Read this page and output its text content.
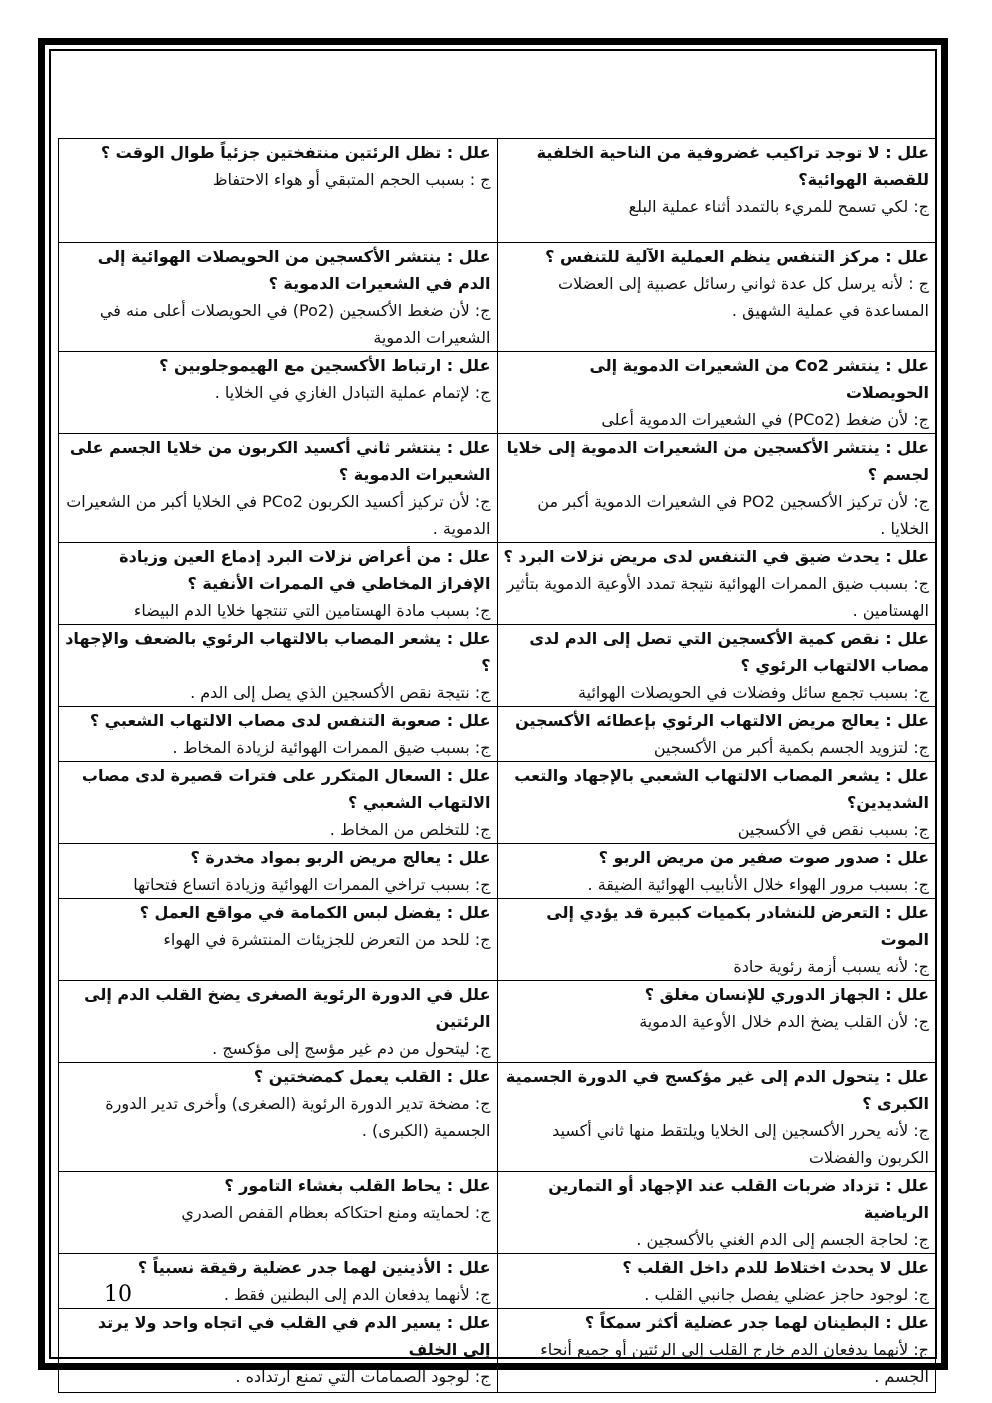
علل : لا توجد تراكيب غضروفية من الناحية الخلفية للقصبة الهوائية؟
ج: لكي تسمح للمريء بالتمدد أثناء عملية البلع	علل : تظل الرئتين منتفختين جزئياً طوال الوقت ؟
ج : بسبب الحجم المتبقي أو هواء الاحتفاظ

علل : مركز التنفس ينظم العملية الآلية للتنفس ؟
ج : لأنه يرسل كل عدة ثواني رسائل عصبية إلى العضلات المساعدة في عملية الشهيق .	علل : ينتشر الأكسجين من الحويصلات الهوائية إلى الدم في الشعيرات الدموية ؟
ج: لأن ضغط الأكسجين (Po2) في الحويصلات أعلى منه في الشعيرات الدموية

علل : ينتشر Co2 من الشعيرات الدموية إلى الحويصلات
ج: لأن ضغط (PCo2) في الشعيرات الدموية أعلى	علل : ارتباط الأكسجين مع الهيموجلوبين ؟
ج: لإتمام عملية التبادل الغازي في الخلايا .

علل : ينتشر الأكسجين من الشعيرات الدموية إلى خلايا لجسم ؟
ج: لأن تركيز الأكسجين PO2 في الشعيرات الدموية أكبر من الخلايا .	علل : ينتشر ثاني أكسيد الكربون من خلايا الجسم على الشعيرات الدموية ؟
ج: لأن تركيز أكسيد الكربون PCo2 في الخلايا أكبر من الشعيرات الدموية .

علل : يحدث ضيق في التنفس لدى مريض نزلات البرد ؟
ج: بسبب ضيق الممرات الهوائية نتيجة تمدد الأوعية الدموية بتأثير الهستامين .	علل : من أعراض نزلات البرد إدماع العين وزيادة الإفراز المخاطي في الممرات الأنفية ؟
ج: بسبب مادة الهستامين التي تنتجها خلايا الدم البيضاء

علل : نقص كمية الأكسجين التي تصل إلى الدم لدى مصاب الالتهاب الرئوي ؟
ج: بسبب تجمع سائل وفضلات في الحويصلات الهوائية	علل : يشعر المصاب بالالتهاب الرئوي بالضعف والإجهاد ؟
ج: نتيجة نقص الأكسجين الذي يصل إلى الدم .

علل : يعالج مريض الالتهاب الرئوي بإعطائه الأكسجين
ج: لتزويد الجسم بكمية أكبر من الأكسجين	علل : صعوبة التنفس لدى مصاب الالتهاب الشعبي ؟
ج: بسبب ضيق الممرات الهوائية لزيادة المخاط .

علل : يشعر المصاب الالتهاب الشعبي بالإجهاد والتعب الشديدين؟
ج: بسبب نقص في الأكسجين	علل : السعال المتكرر على فترات قصيرة لدى مصاب الالتهاب الشعبي ؟
ج: للتخلص من المخاط .

علل : صدور صوت صفير من مريض الربو ؟
ج: بسبب مرور الهواء خلال الأنابيب الهوائية الضيقة .	علل : يعالج مريض الربو بمواد مخدرة ؟
ج: بسبب تراخي الممرات الهوائية وزيادة اتساع فتحاتها

علل : التعرض للنشادر بكميات كبيرة قد يؤدي إلى الموت
ج: لأنه يسبب أزمة رئوية حادة	علل : يفضل لبس الكمامة في مواقع العمل ؟
ج: للحد من التعرض للجزيئات المنتشرة في الهواء

علل : الجهاز الدوري للإنسان مغلق ؟
ج: لأن القلب يضخ الدم خلال الأوعية الدموية	علل في الدورة الرئوية الصغرى يضخ القلب الدم إلى الرئتين
ج: ليتحول من دم غير مؤسج إلى مؤكسج .

علل : يتحول الدم إلى غير مؤكسج في الدورة الجسمية الكبرى ؟
ج: لأنه يحرر الأكسجين إلى الخلايا ويلتقط منها ثاني أكسيد الكربون والفضلات	علل : القلب يعمل كمضختين ؟
ج: مضخة تدير الدورة الرئوية (الصغرى) وأخرى تدير الدورة الجسمية (الكبرى) .

علل : تزداد ضربات القلب عند الإجهاد أو التمارين الرياضية
ج: لحاجة الجسم إلى الدم الغني بالأكسجين .	علل : يحاط القلب بغشاء التامور ؟
ج: لحمايته ومنع احتكاكه بعظام القفص الصدري

علل لا يحدث اختلاط للدم داخل القلب ؟
ج: لوجود حاجز عضلي يفصل جانبي القلب .	علل : الأذينين لهما جدر عضلية رقيقة نسبياً ؟
ج: لأنهما يدفعان الدم إلى البطنين فقط .

علل : البطينان لهما جدر عضلية أكثر سمكاً ؟
ج: لأنهما يدفعان الدم خارج القلب إلى الرئتين أو جميع أنحاء الجسم .	علل : يسير الدم في القلب في اتجاه واحد ولا يرتد إلى الخلف
ج: لوجود الصمامات التي تمنع ارتداده .
10
